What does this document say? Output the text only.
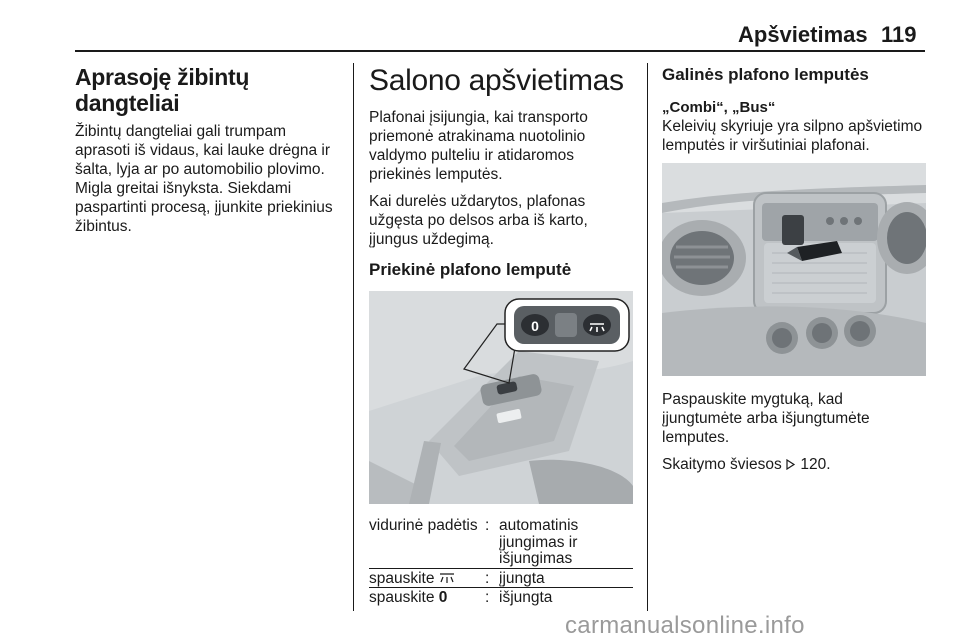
Apšvietimas 119
Aprasoję žibintų dangteliai

Žibintų dangteliai gali trumpam aprasoti iš vidaus, kai lauke drėgna ir šalta, lyja ar po automobilio plovimo. Migla greitai išnyksta. Siekdami paspartinti procesą, įjunkite priekinius žibintus.

Salono apšvietimas

Plafonai įsijungia, kai transporto priemonė atrakinama nuotolinio valdymo pulteliu ir atidaromos priekinės lemputės.

Kai durelės uždarytos, plafonas užgęsta po delsos arba iš karto, įjungus uždegimą.

Priekinė plafono lemputė
0
vidurinė padėtis : automatinis įjungimas ir išjungimas
spauskite	: įjungta
spauskite 0	: išjungta
Galinės plafono lemputės
„Combi“, „Bus“

Keleivių skyriuje yra silpno apšvietimo lemputės ir viršutiniai plafonai.

Paspauskite mygtuką, kad įjungtumėte arba išjungtumėte lemputes.

Skaitymo šviesos 120.

carmanualsonline.info
